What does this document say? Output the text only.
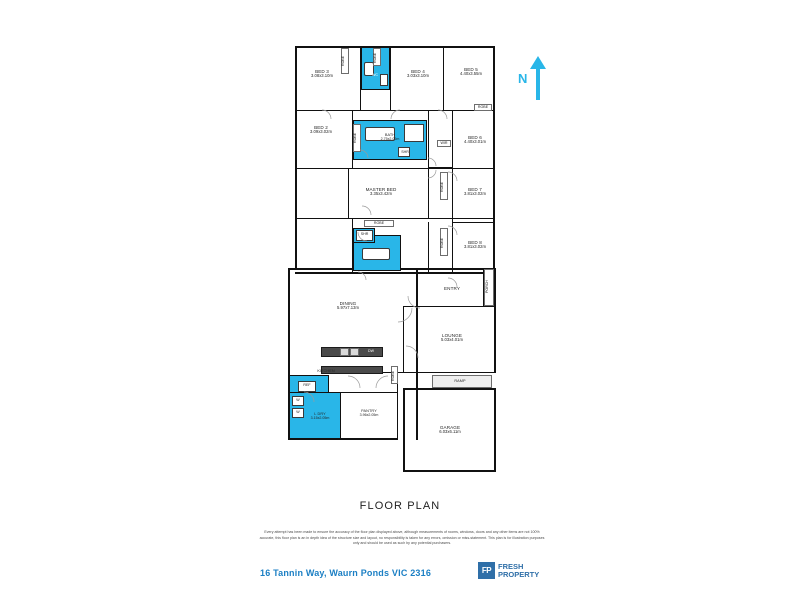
N
DW
REF
W
W
ROBE	ROBE
ROBE
ROBE	WIR
ROBE
ROBE
ROBE
ROBE
PORCH
WC
SHR
SHR
BED 3
3.08x3.10m
BED 4
3.03x3.10m
BED 5
4.40x3.55m
BED 2
3.09x3.02m
BED 6
4.40x3.01m
BATH
2.75x2.06m
MASTER BED
3.35x3.42m
BED 7
3.81x3.02m
BED 8
3.81x3.02m
BATH 2
3.05x2.37m
DINING
5.97x7.13m
ENTRY
LOUNGE
5.03x4.01m
KITCHEN
RAMP
PANTRY
3.96x2.05m
L DRY
3.15x2.05m
GARAGE
6.03x6.11m
FLOOR PLAN
Every attempt has been made to ensure the accuracy of the floor plan displayed above, although measurements of rooms, windows, doors and any other items are not 100% accurate, this floor plan is an in depth idea of the structure size and layout, no responsibility is taken for any errors, omission or miss-statement. This plan is for illustration purposes only and should be used as such by any potential purchasers.
16 Tannin Way, Waurn Ponds VIC 2316	FP FRESH
PROPERTY
